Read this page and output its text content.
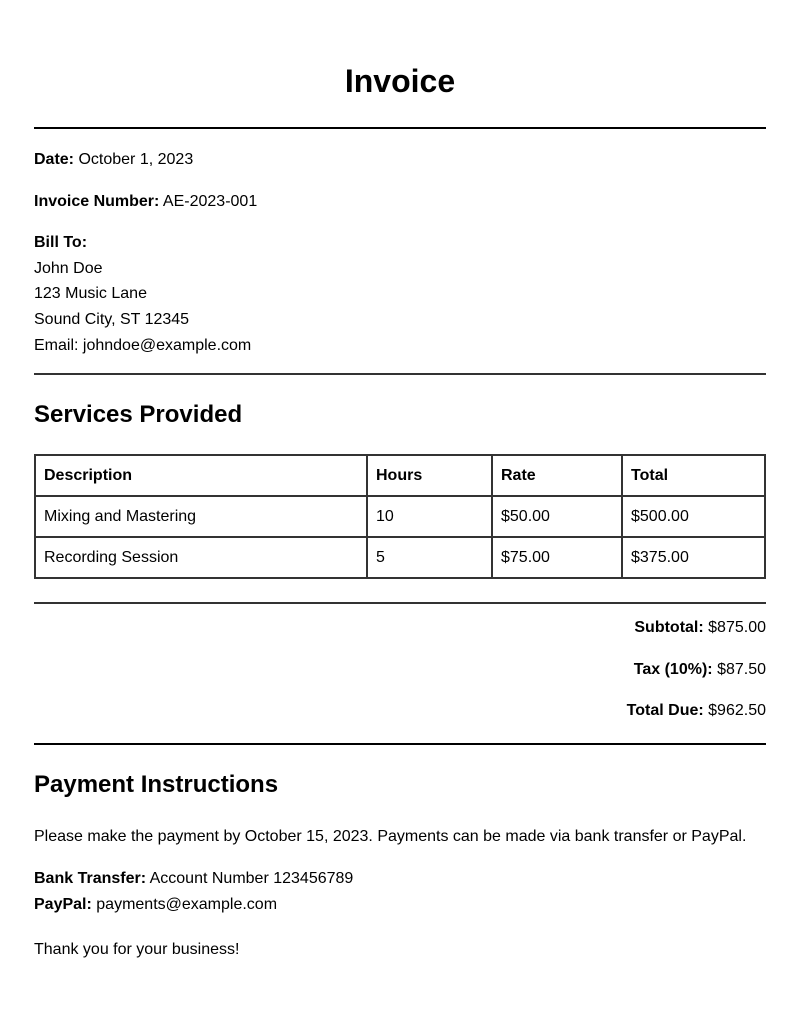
Invoice
Date: October 1, 2023
Invoice Number: AE-2023-001
Bill To:
John Doe
123 Music Lane
Sound City, ST 12345
Email: johndoe@example.com
Services Provided
Description	Hours	Rate	Total
Mixing and Mastering	10	$50.00	$500.00
Recording Session	5	$75.00	$375.00
Subtotal: $875.00
Tax (10%): $87.50
Total Due: $962.50
Payment Instructions
Please make the payment by October 15, 2023. Payments can be made via bank transfer or PayPal.
Bank Transfer: Account Number 123456789
PayPal: payments@example.com
Thank you for your business!
